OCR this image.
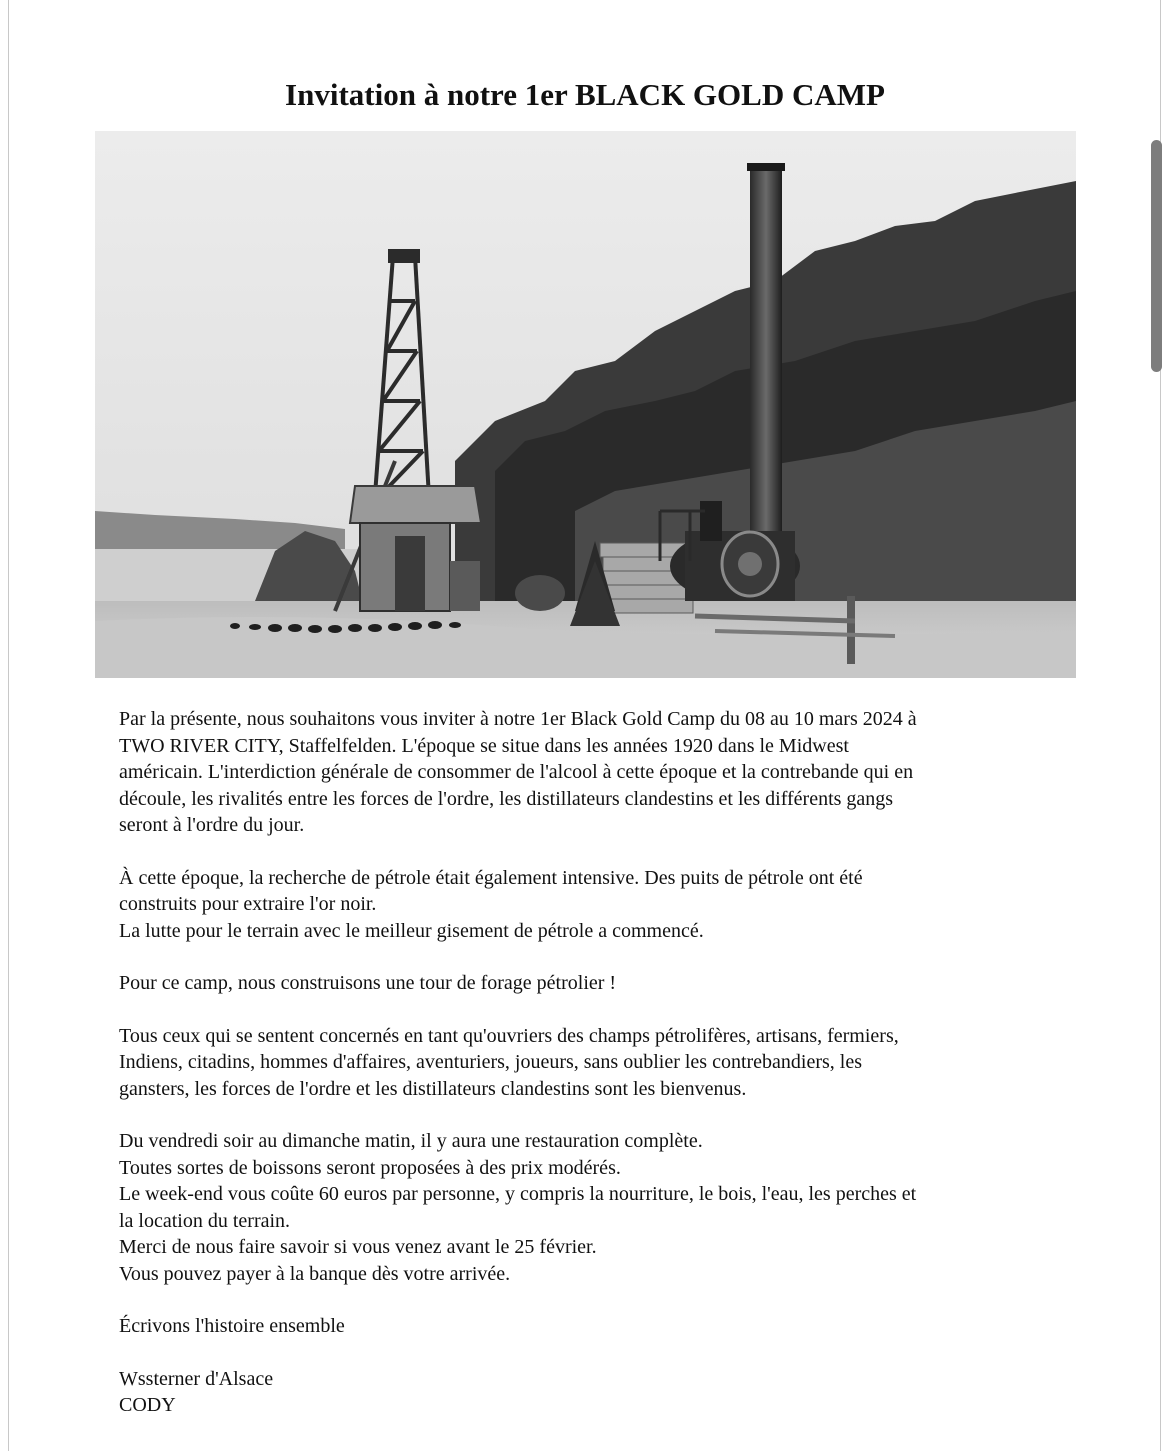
Invitation à notre 1er BLACK GOLD CAMP

Par la présente, nous souhaitons vous inviter à notre 1er Black Gold Camp du 08 au 10 mars 2024 à
TWO RIVER CITY, Staffelfelden. L'époque se situe dans les années 1920 dans le Midwest
américain. L'interdiction générale de consommer de l'alcool à cette époque et la contrebande qui en
découle, les rivalités entre les forces de l'ordre, les distillateurs clandestins et les différents gangs
seront à l'ordre du jour.

À cette époque, la recherche de pétrole était également intensive. Des puits de pétrole ont été
construits pour extraire l'or noir.
La lutte pour le terrain avec le meilleur gisement de pétrole a commencé.

Pour ce camp, nous construisons une tour de forage pétrolier !

Tous ceux qui se sentent concernés en tant qu'ouvriers des champs pétrolifères, artisans, fermiers,
Indiens, citadins, hommes d'affaires, aventuriers, joueurs, sans oublier les contrebandiers, les
gansters, les forces de l'ordre et les distillateurs clandestins sont les bienvenus.

Du vendredi soir au dimanche matin, il y aura une restauration complète.
Toutes sortes de boissons seront proposées à des prix modérés.
Le week-end vous coûte 60 euros par personne, y compris la nourriture, le bois, l'eau, les perches et
la location du terrain.
Merci de nous faire savoir si vous venez avant le 25 février.
Vous pouvez payer à la banque dès votre arrivée.

Écrivons l'histoire ensemble

Wssterner d'Alsace
CODY
